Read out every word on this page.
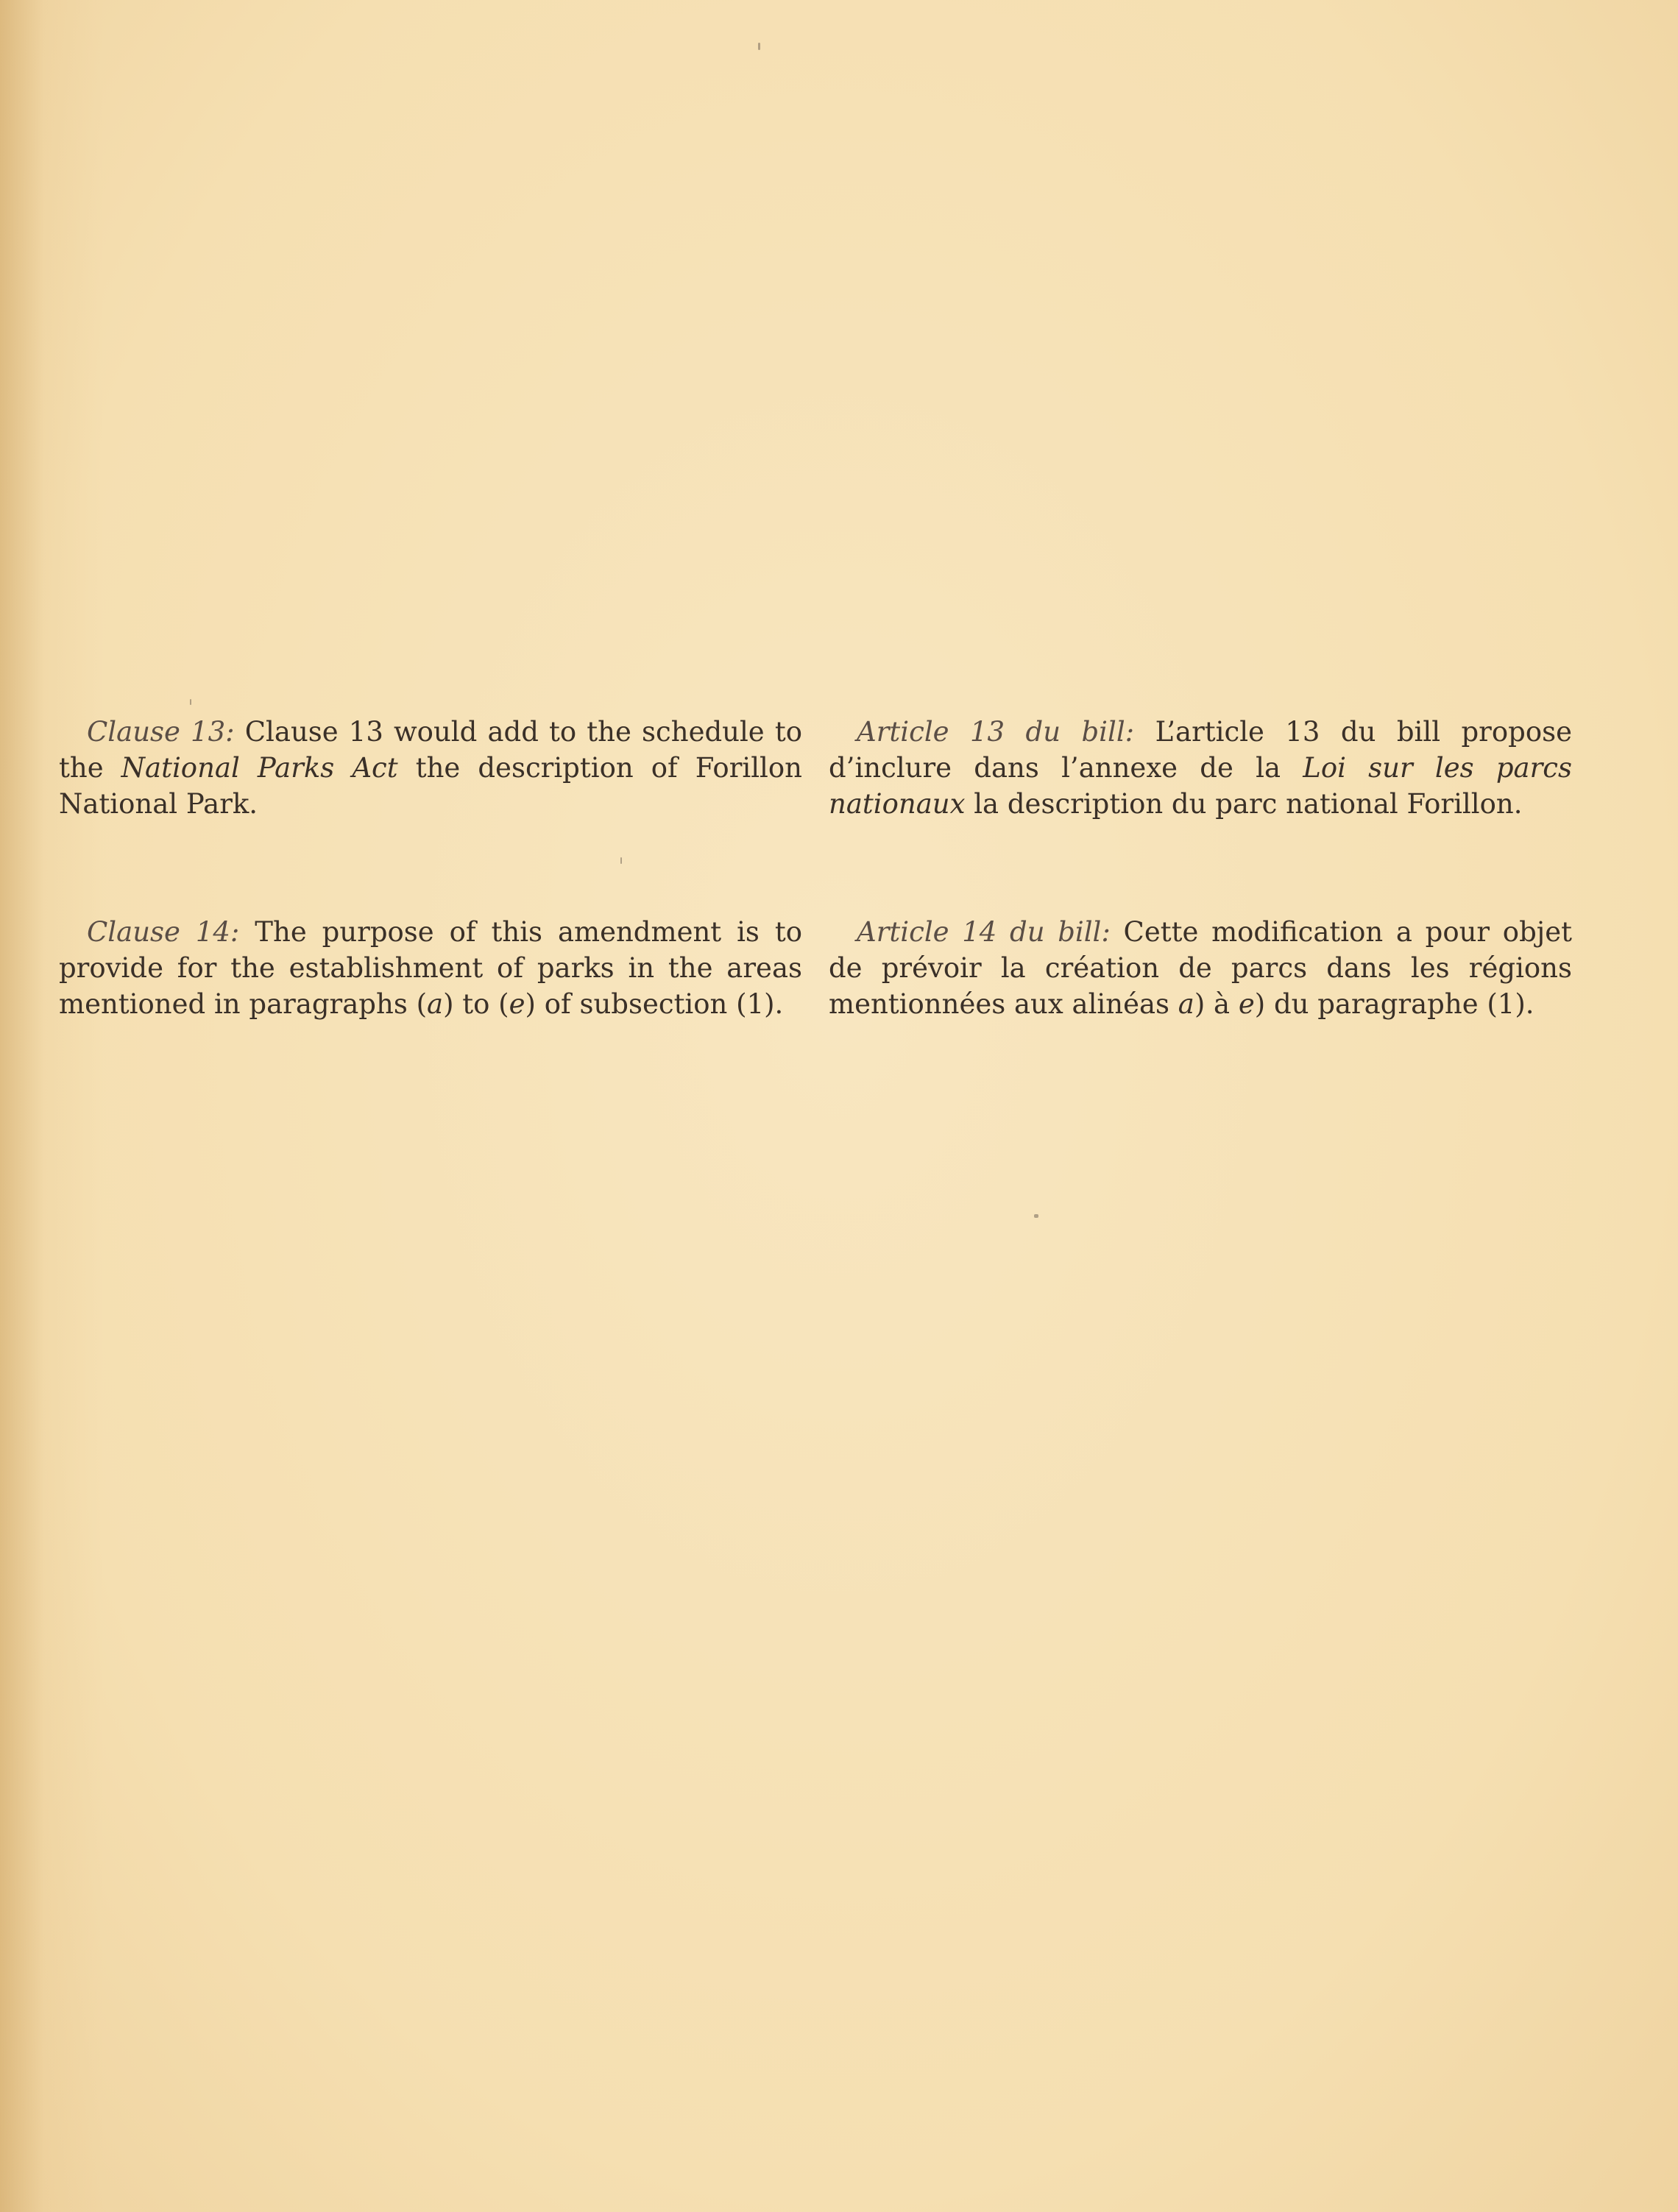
Clause 13: Clause 13 would add to the schedule to the National Parks Act the description of Forillon National Park.

Clause 14: The purpose of this amendment is to provide for the establishment of parks in the areas mentioned in paragraphs (a) to (e) of subsection (1).

Article 13 du bill: L’article 13 du bill propose d’inclure dans l’annexe de la Loi sur les parcs nationaux la description du parc national Forillon.

Article 14 du bill: Cette modification a pour objet de prévoir la création de parcs dans les régions mentionnées aux alinéas a) à e) du paragraphe (1).
